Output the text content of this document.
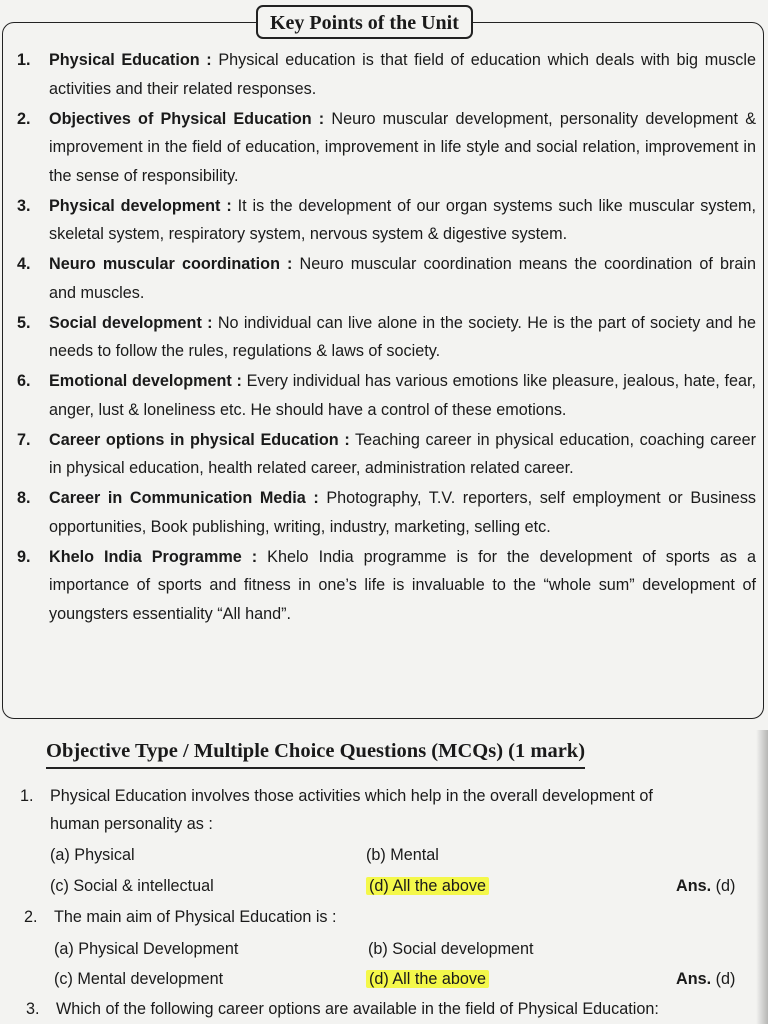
Key Points of the Unit
1. Physical Education : Physical education is that field of education which deals with big muscle activities and their related responses.
2. Objectives of Physical Education : Neuro muscular development, personality development & improvement in the field of education, improvement in life style and social relation, improvement in the sense of responsibility.
3. Physical development : It is the development of our organ systems such like muscular system, skeletal system, respiratory system, nervous system & digestive system.
4. Neuro muscular coordination : Neuro muscular coordination means the coordination of brain and muscles.
5. Social development : No individual can live alone in the society. He is the part of society and he needs to follow the rules, regulations & laws of society.
6. Emotional development : Every individual has various emotions like pleasure, jealous, hate, fear, anger, lust & loneliness etc. He should have a control of these emotions.
7. Career options in physical Education : Teaching career in physical education, coaching career in physical education, health related career, administration related career.
8. Career in Communication Media : Photography, T.V. reporters, self employment or Business opportunities, Book publishing, writing, industry, marketing, selling etc.
9. Khelo India Programme : Khelo India programme is for the development of sports as a importance of sports and fitness in one’s life is invaluable to the “whole sum” development of youngsters essentiality “All hand”.
Objective Type / Multiple Choice Questions (MCQs) (1 mark)
1. Physical Education involves those activities which help in the overall development of
human personality as :
(a) Physical	(b) Mental
(c) Social & intellectual	(d) All the above	Ans. (d)
2. The main aim of Physical Education is :
(a) Physical Development	(b) Social development
(c) Mental development	(d) All the above	Ans. (d)
3. Which of the following career options are available in the field of Physical Education:
